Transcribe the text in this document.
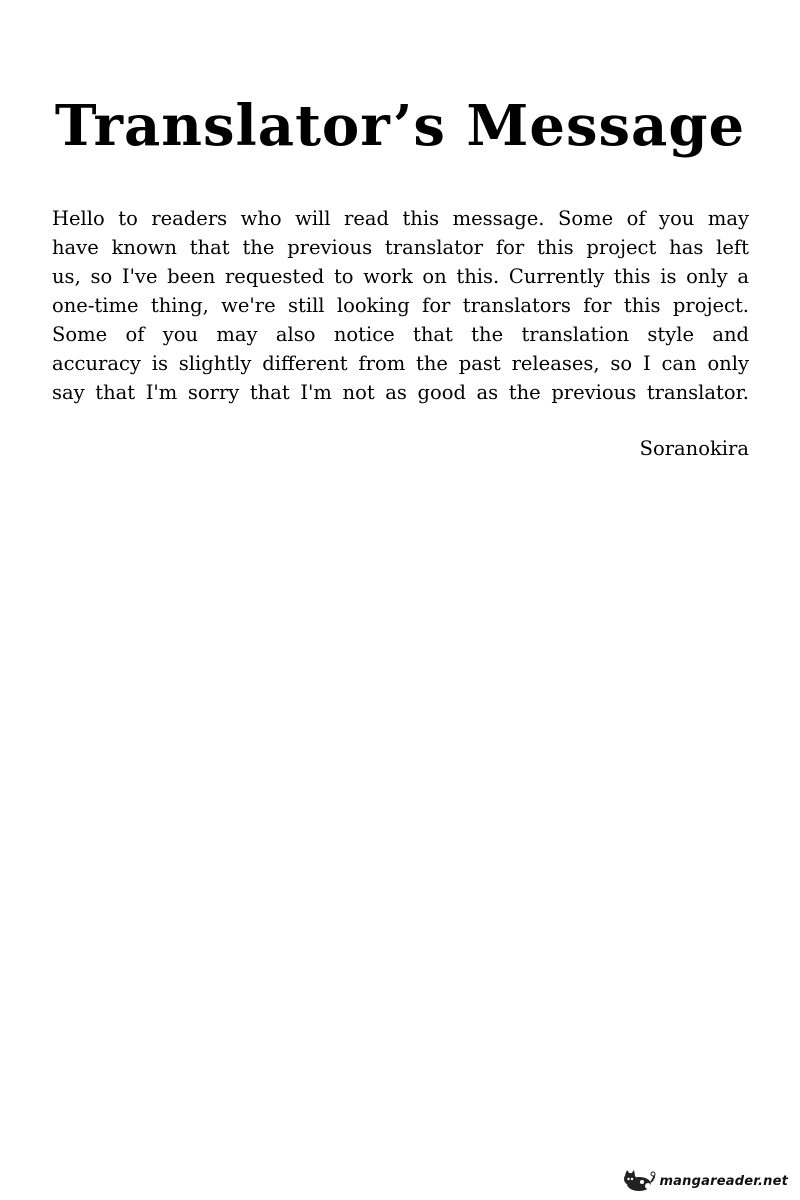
Translator’s Message
Hello to readers who will read this message. Some of you may
have known that the previous translator for this project has left
us, so I've been requested to work on this. Currently this is only a
one-time thing, we're still looking for translators for this project.
Some of you may also notice that the translation style and
accuracy is slightly different from the past releases, so I can only
say that I'm sorry that I'm not as good as the previous translator.
Soranokira
mangareader.net
